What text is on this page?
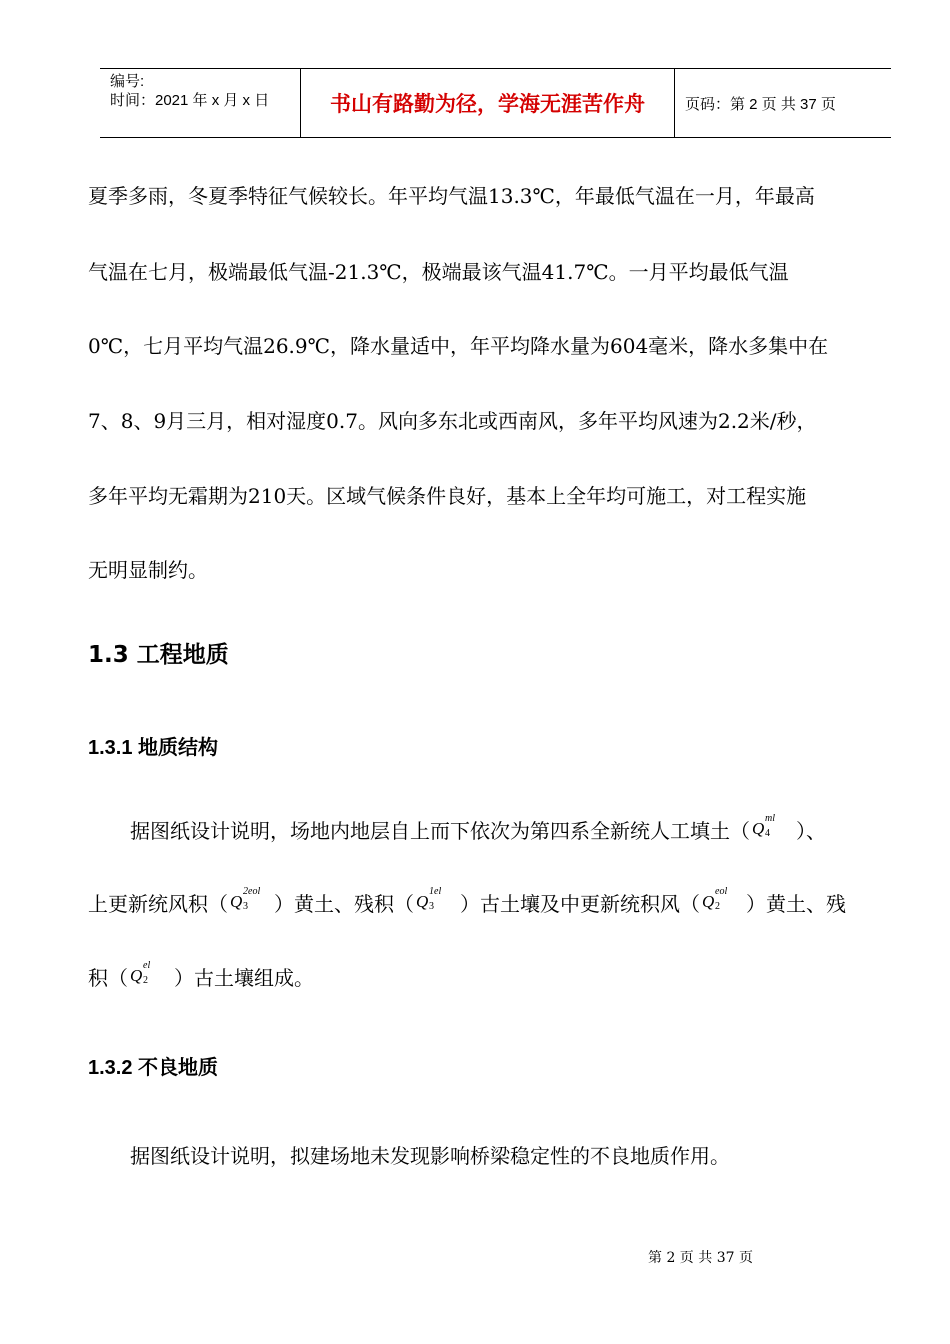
编号:
时间：2021 年 x 月 x 日	书山有路勤为径，学海无涯苦作舟	页码：第 2 页 共 37 页
夏季多雨，冬夏季特征气候较长。年平均气温13.3℃，年最低气温在一月，年最高
气温在七月，极端最低气温-21.3℃，极端最该气温41.7℃。一月平均最低气温
0℃，七月平均气温26.9℃，降水量适中，年平均降水量为604毫米，降水多集中在
7、8、9月三月，相对湿度0.7。风向多东北或西南风，多年平均风速为2.2米/秒，
多年平均无霜期为210天。区域气候条件良好，基本上全年均可施工，对工程实施
无明显制约。
1.3 工程地质
1.3.1 地质结构
据图纸设计说明，场地内地层自上而下依次为第四系全新统人工填土（ Q
ml
4 ）、
上更新统风积（ Q
2eol
3 ）黄土、残积（ Q
1el
3 ）古土壤及中更新统积风（ Q
eol
2 ）黄土、残
积（ Q
el
2 ）古土壤组成。
1.3.2 不良地质
据图纸设计说明，拟建场地未发现影响桥梁稳定性的不良地质作用。
第 2 页 共 37 页
